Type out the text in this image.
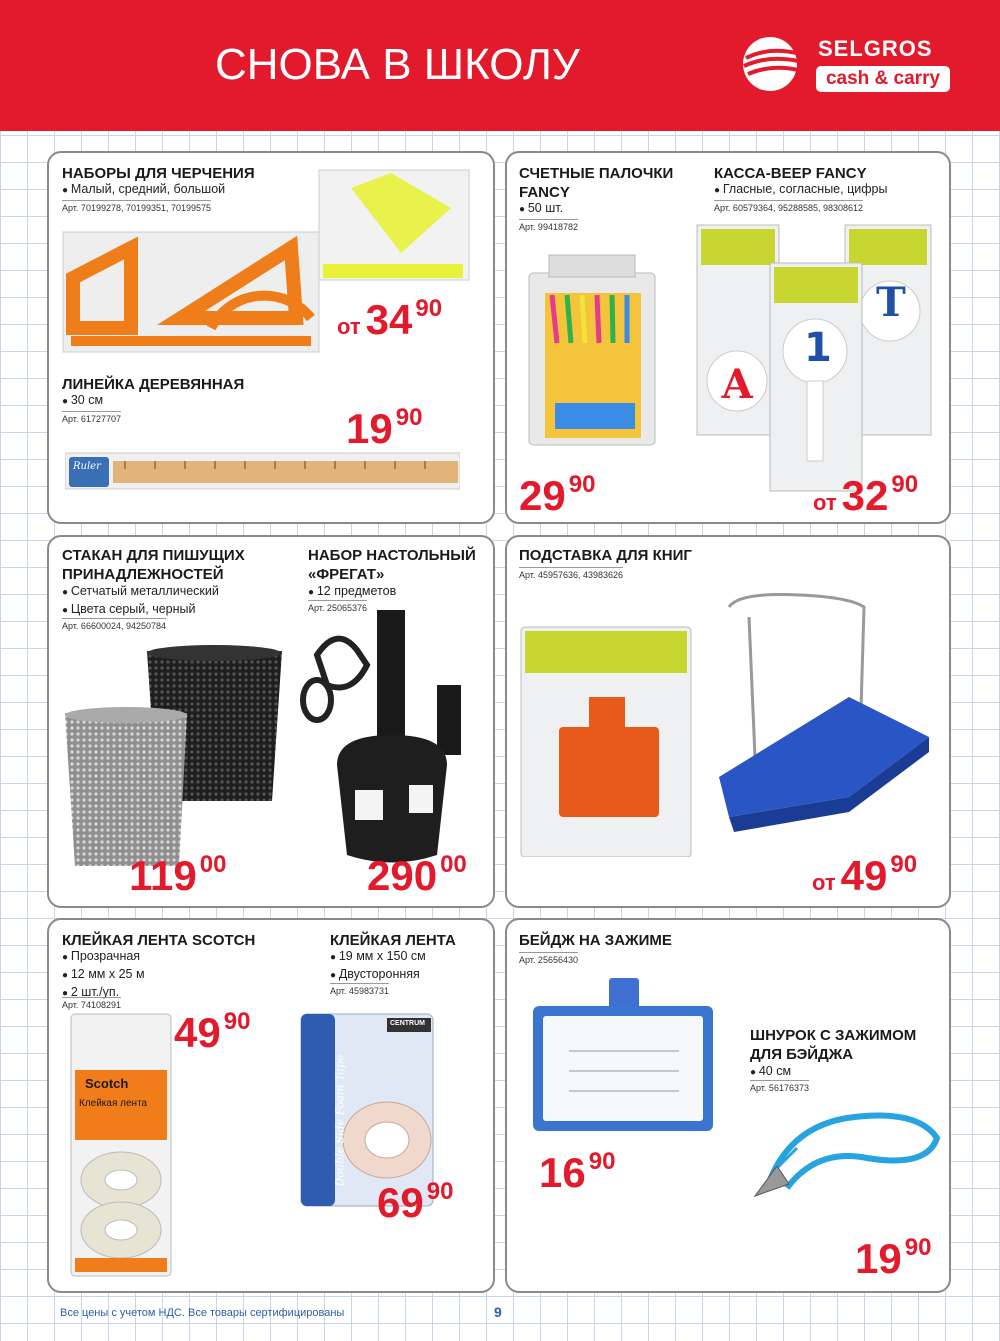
СНОВА В ШКОЛУ	SELGROS
cash & carry
НАБОРЫ ДЛЯ ЧЕРЧЕНИЯ
● Малый, средний, большой
Арт. 70199278, 70199351, 70199575
от 34 90
ЛИНЕЙКА ДЕРЕВЯННАЯ
● 30 см
Арт. 61727707	19 90
Ruler
СЧЕТНЫЕ ПАЛОЧКИ FANCY
● 50 шт.
Арт. 99418782
29 90
КАССА-ВЕЕР FANCY
● Гласные, согласные, цифры
Арт. 60579364, 95288585, 98308612
А
1
Т
от 32 90
СТАКАН ДЛЯ ПИШУЩИХ ПРИНАДЛЕЖНОСТЕЙ
● Сетчатый металлический
● Цвета серый, черный
Арт. 66600024, 94250784
119 00
НАБОР НАСТОЛЬНЫЙ «ФРЕГАТ»
● 12 предметов
Арт. 25065376
290 00
ПОДСТАВКА ДЛЯ КНИГ
Арт. 45957636, 43983626
от 49 90
КЛЕЙКАЯ ЛЕНТА SCOTCH
● Прозрачная
● 12 мм x 25 м
● 2 шт./уп.
Арт. 74108291
Scotch
Клейкая лента
49 90
КЛЕЙКАЯ ЛЕНТА
● 19 мм x 150 см
● Двусторонняя
Арт. 45983731
CENTRUM
Double Side Foam Tape
69 90
БЕЙДЖ НА ЗАЖИМЕ
Арт. 25656430
16 90
ШНУРОК С ЗАЖИМОМ ДЛЯ БЭЙДЖА
● 40 см
Арт. 56176373
19 90
Все цены с учетом НДС. Все товары сертифицированы	9
